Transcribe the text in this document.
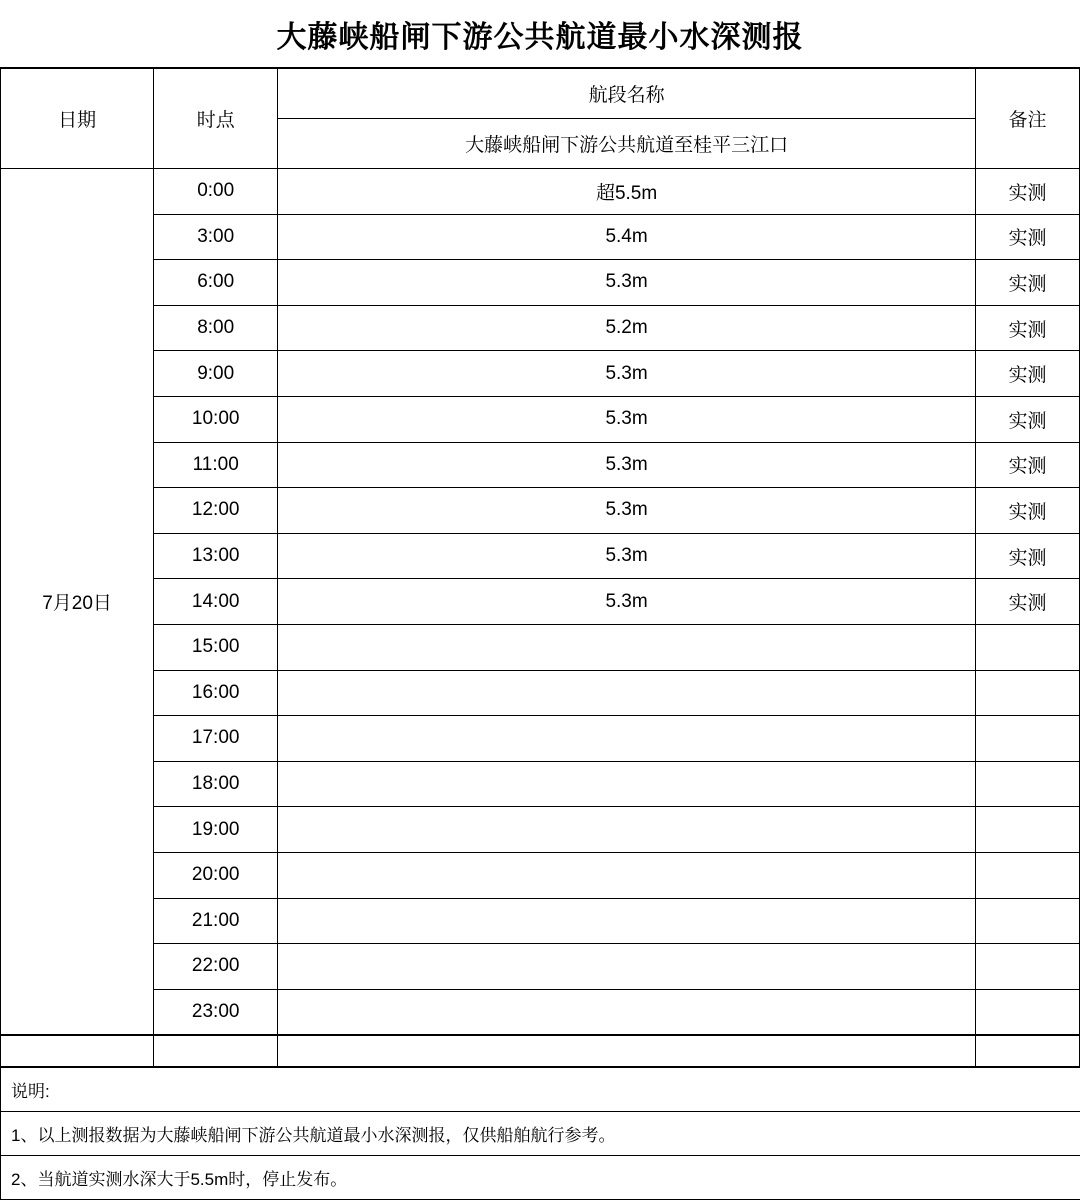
大藤峡船闸下游公共航道最小水深测报
日期	时点	航段名称	备注
		大藤峡船闸下游公共航道至桂平三江口	
7月20日	0:00	超5.5m	实测
	3:00	5.4m	实测
	6:00	5.3m	实测
	8:00	5.2m	实测
	9:00	5.3m	实测
	10:00	5.3m	实测
	11:00	5.3m	实测
	12:00	5.3m	实测
	13:00	5.3m	实测
	14:00	5.3m	实测
	15:00		
	16:00		
	17:00		
	18:00		
	19:00		
	20:00		
	21:00		
	22:00		
	23:00		

说明:
1、以上测报数据为大藤峡船闸下游公共航道最小水深测报，仅供船舶航行参考。
2、当航道实测水深大于5.5m时，停止发布。
